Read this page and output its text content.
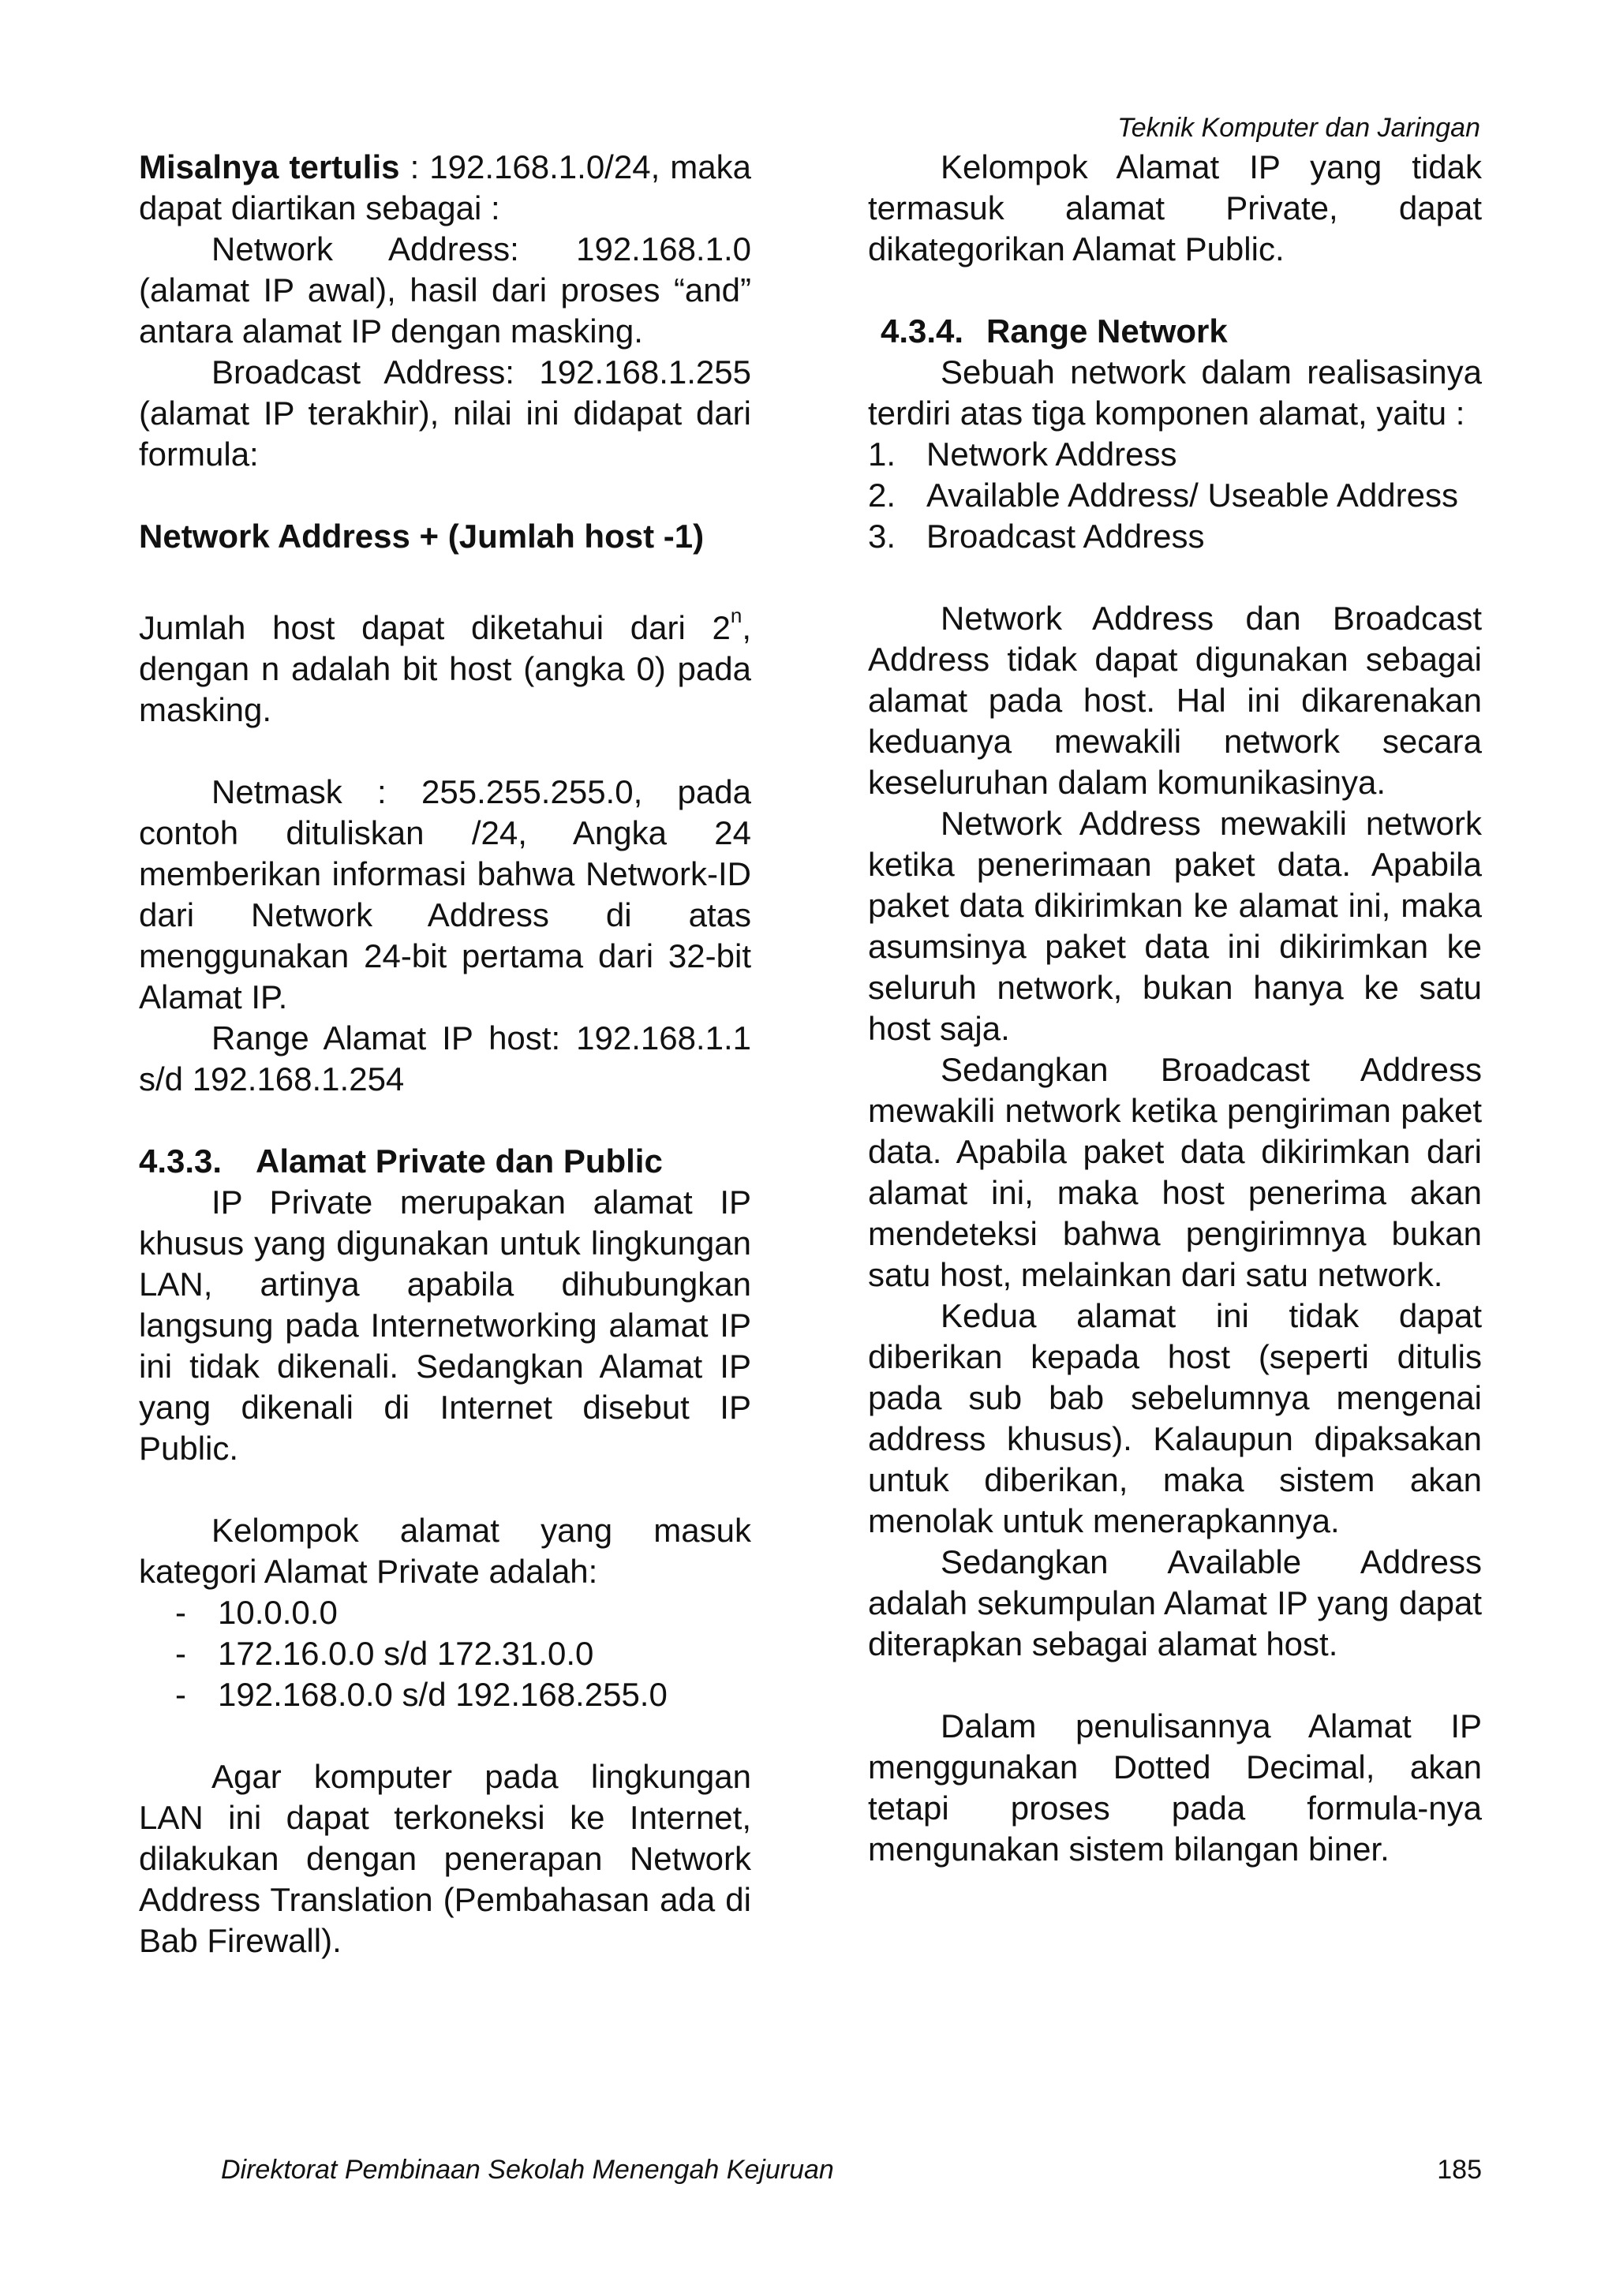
Teknik Komputer dan Jaringan

Misalnya tertulis : 192.168.1.0/24, maka dapat diartikan sebagai :

Network Address: 192.168.1.0 (alamat IP awal), hasil dari proses “and” antara alamat IP dengan masking.

Broadcast Address: 192.168.1.255 (alamat IP terakhir), nilai ini didapat dari formula:

Network Address + (Jumlah host -1)

Jumlah host dapat diketahui dari 2$^n$, dengan n adalah bit host (angka 0) pada masking.

Netmask : 255.255.255.0, pada contoh dituliskan /24, Angka 24 memberikan informasi bahwa Network-ID dari Network Address di atas menggunakan 24-bit pertama dari 32-bit Alamat IP.

Range Alamat IP host: 192.168.1.1 s/d 192.168.1.254

4.3.3. Alamat Private dan Public

IP Private merupakan alamat IP khusus yang digunakan untuk lingkungan LAN, artinya apabila dihubungkan langsung pada Internetworking alamat IP ini tidak dikenali. Sedangkan Alamat IP yang dikenali di Internet disebut IP Public.

Kelompok alamat yang masuk kategori Alamat Private adalah:

- 10.0.0.0
- 172.16.0.0 s/d 172.31.0.0
- 192.168.0.0 s/d 192.168.255.0

Agar komputer pada lingkungan LAN ini dapat terkoneksi ke Internet, dilakukan dengan penerapan Network Address Translation (Pembahasan ada di Bab Firewall).

Kelompok Alamat IP yang tidak termasuk alamat Private, dapat dikategorikan Alamat Public.

4.3.4. Range Network

Sebuah network dalam realisasinya terdiri atas tiga komponen alamat, yaitu :

1. Network Address
2. Available Address/ Useable Address
3. Broadcast Address

Network Address dan Broadcast Address tidak dapat digunakan sebagai alamat pada host. Hal ini dikarenakan keduanya mewakili network secara keseluruhan dalam komunikasinya.

Network Address mewakili network ketika penerimaan paket data. Apabila paket data dikirimkan ke alamat ini, maka asumsinya paket data ini dikirimkan ke seluruh network, bukan hanya ke satu host saja.

Sedangkan Broadcast Address mewakili network ketika pengiriman paket data. Apabila paket data dikirimkan dari alamat ini, maka host penerima akan mendeteksi bahwa pengirimnya bukan satu host, melainkan dari satu network.

Kedua alamat ini tidak dapat diberikan kepada host (seperti ditulis pada sub bab sebelumnya mengenai address khusus). Kalaupun dipaksakan untuk diberikan, maka sistem akan menolak untuk menerapkannya.

Sedangkan Available Address adalah sekumpulan Alamat IP yang dapat diterapkan sebagai alamat host.

Dalam penulisannya Alamat IP menggunakan Dotted Decimal, akan tetapi proses pada formula-nya mengunakan sistem bilangan biner.

Direktorat Pembinaan Sekolah Menengah Kejuruan	185
